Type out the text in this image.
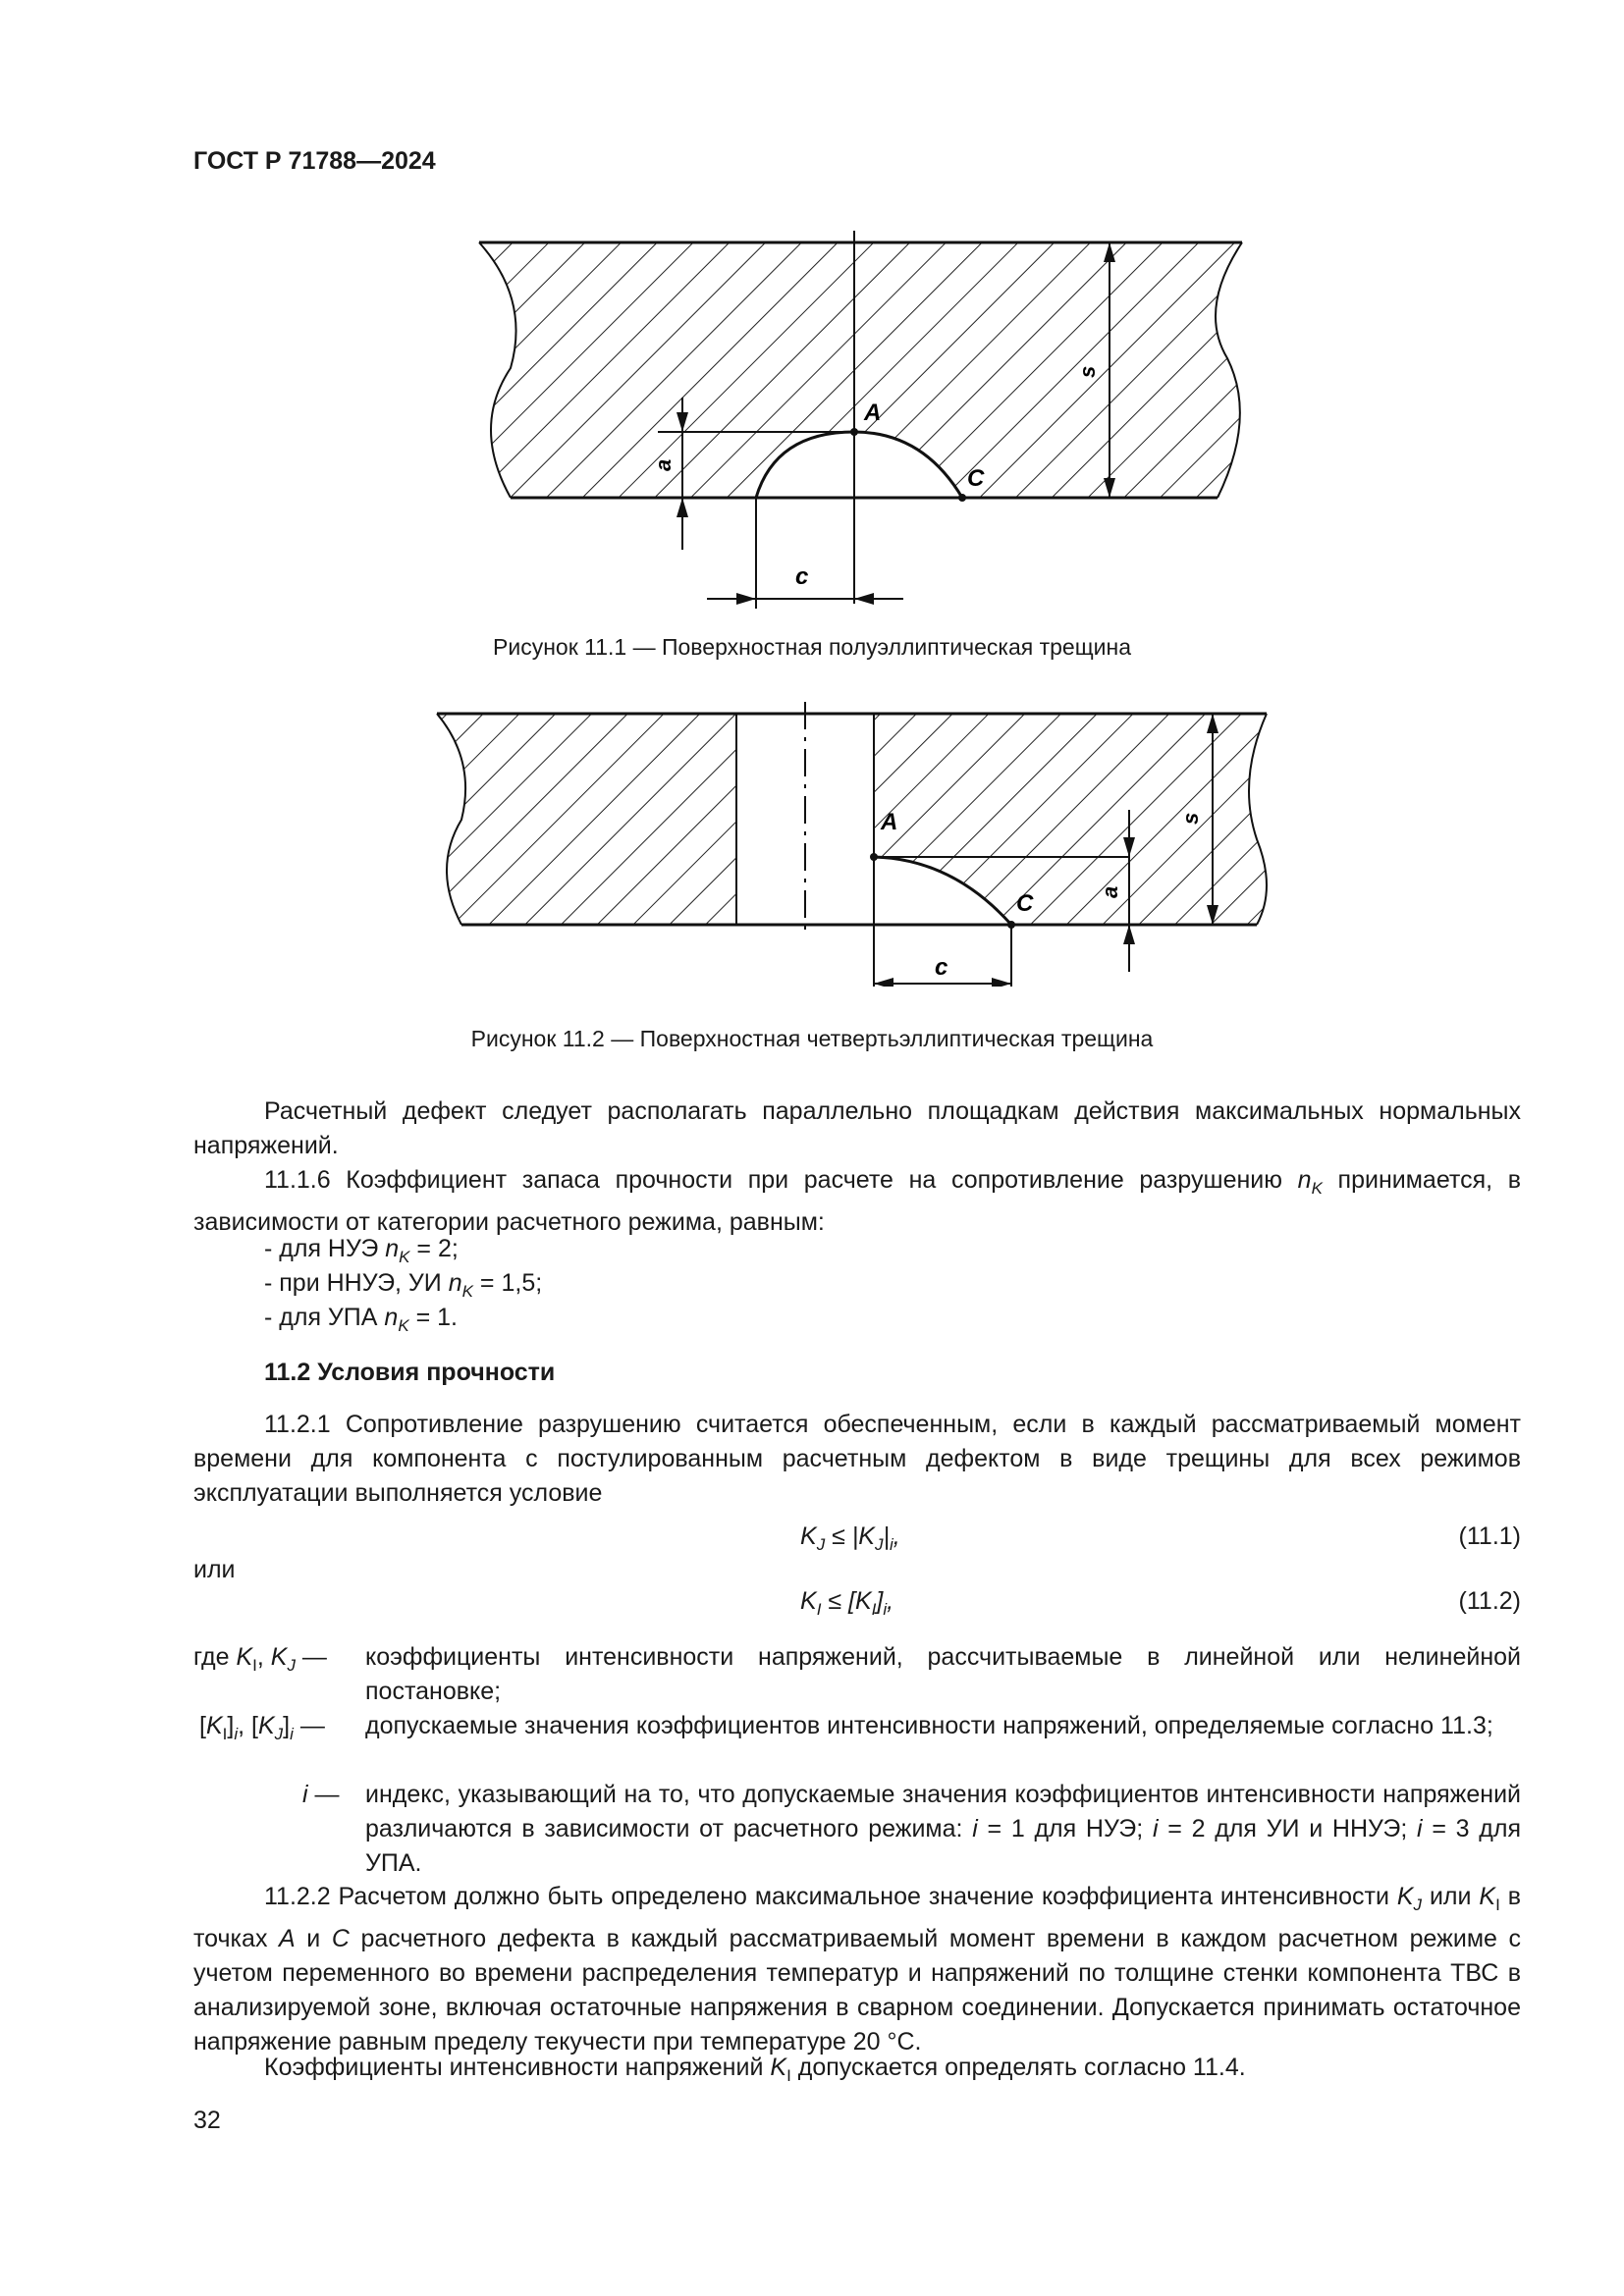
ГОСТ Р 71788—2024
A
C
a
c
s
Рисунок 11.1 — Поверхностная полуэллиптическая трещина
A
C	a
c
s
Рисунок 11.2 — Поверхностная четвертьэллиптическая трещина
Расчетный дефект следует располагать параллельно площадкам действия максимальных нормальных напряжений.
11.1.6 Коэффициент запаса прочности при расчете на сопротивление разрушению $n_K$ принимается, в зависимости от категории расчетного режима, равным:
- для НУЭ $n_K = 2$;
- при ННУЭ, УИ $n_K = 1,5$;
- для УПА $n_K = 1$.
11.2 Условия прочности
11.2.1 Сопротивление разрушению считается обеспеченным, если в каждый рассматриваемый момент времени для компонента с постулированным расчетным дефектом в виде трещины для всех режимов эксплуатации выполняется условие
$K_J \le |K_J|_i$,	(11.1)
или
$K_I \le [K_I]_i$,	(11.2)
где $K_I$, $K_J$ — коэффициенты интенсивности напряжений, рассчитываемые в линейной или нелинейной постановке;
$[K_I]_i$, $[K_J]_i$ — допускаемые значения коэффициентов интенсивности напряжений, определяемые согласно 11.3;
i — индекс, указывающий на то, что допускаемые значения коэффициентов интенсивности напряжений различаются в зависимости от расчетного режима: i = 1 для НУЭ; i = 2 для УИ и ННУЭ; i = 3 для УПА.
11.2.2 Расчетом должно быть определено максимальное значение коэффициента интенсивности $K_J$ или $K_I$ в точках A и C расчетного дефекта в каждый рассматриваемый момент времени в каждом расчетном режиме с учетом переменного во времени распределения температур и напряжений по толщине стенки компонента ТВС в анализируемой зоне, включая остаточные напряжения в сварном соединении. Допускается принимать остаточное напряжение равным пределу текучести при температуре 20 °С.
Коэффициенты интенсивности напряжений $K_I$ допускается определять согласно 11.4.
32
